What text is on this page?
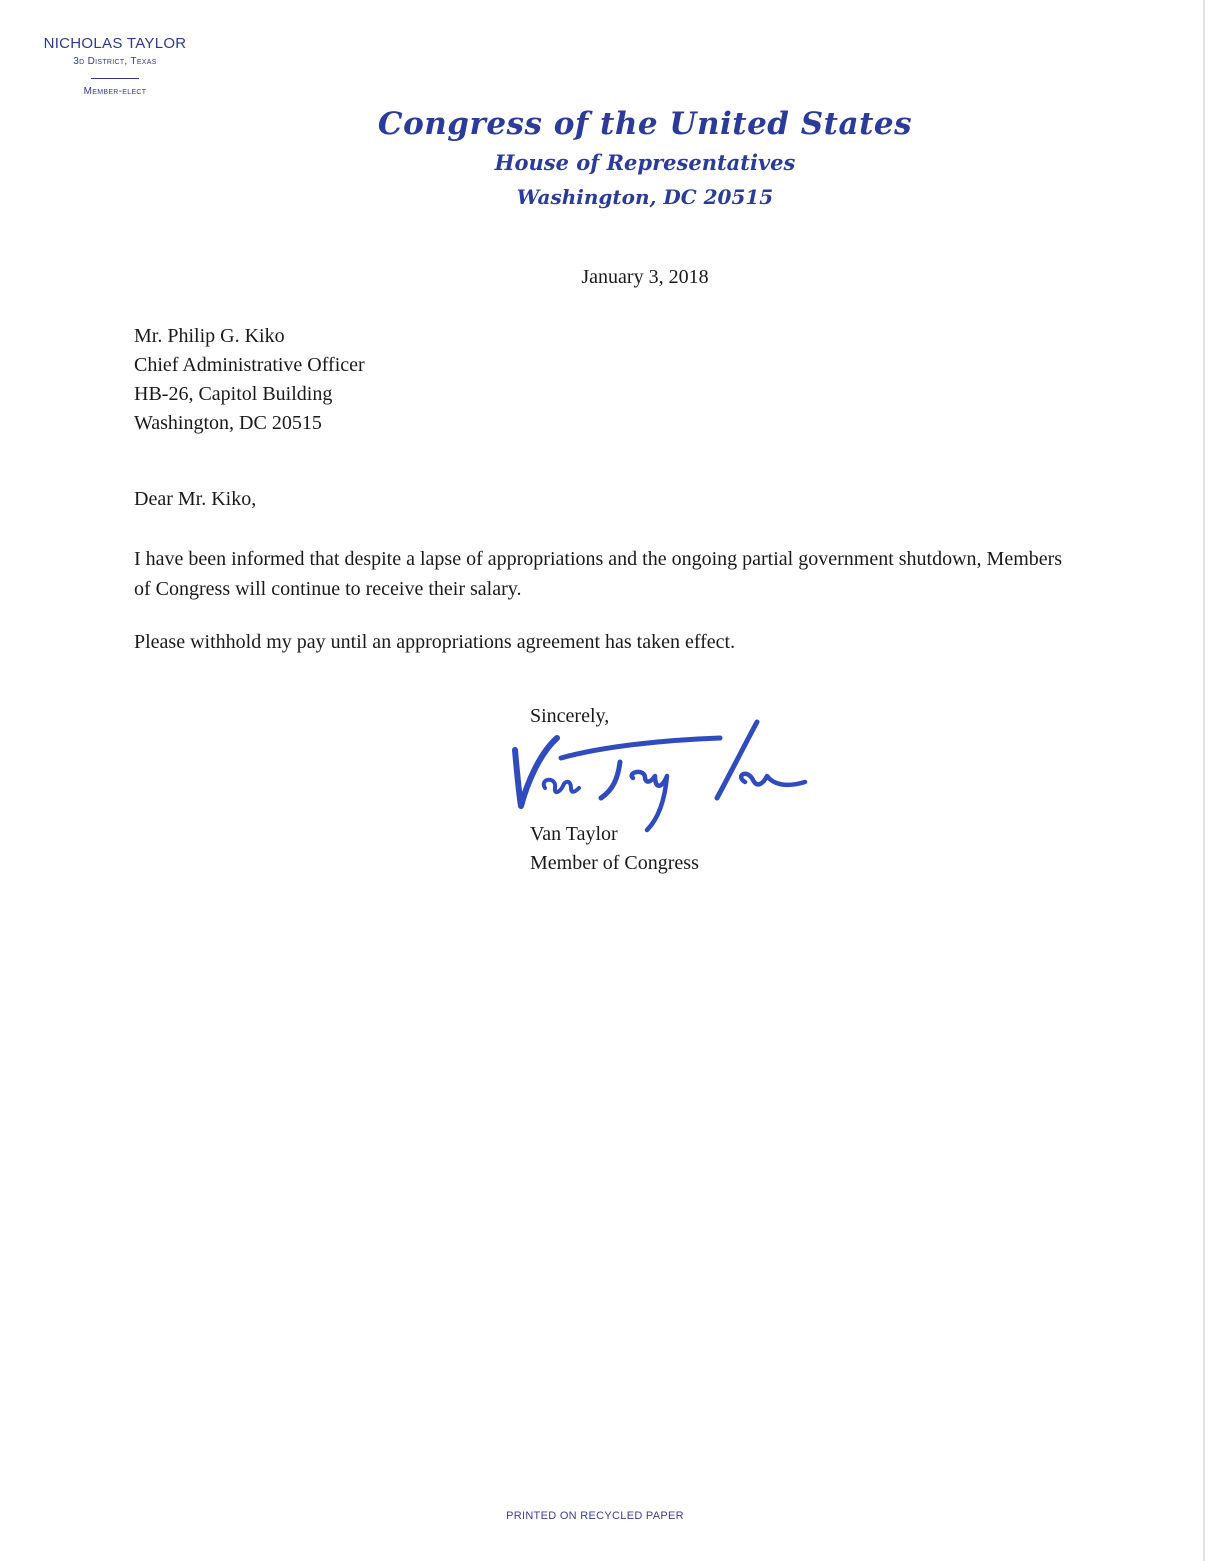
NICHOLAS TAYLOR
3d District, Texas
Member-elect
Congress of the United States
House of Representatives
Washington, DC 20515
January 3, 2018
Mr. Philip G. Kiko
Chief Administrative Officer
HB-26, Capitol Building
Washington, DC 20515
Dear Mr. Kiko,
I have been informed that despite a lapse of appropriations and the ongoing partial government shutdown, Members of Congress will continue to receive their salary.
Please withhold my pay until an appropriations agreement has taken effect.
Sincerely,
Van Taylor
Member of Congress
PRINTED ON RECYCLED PAPER
